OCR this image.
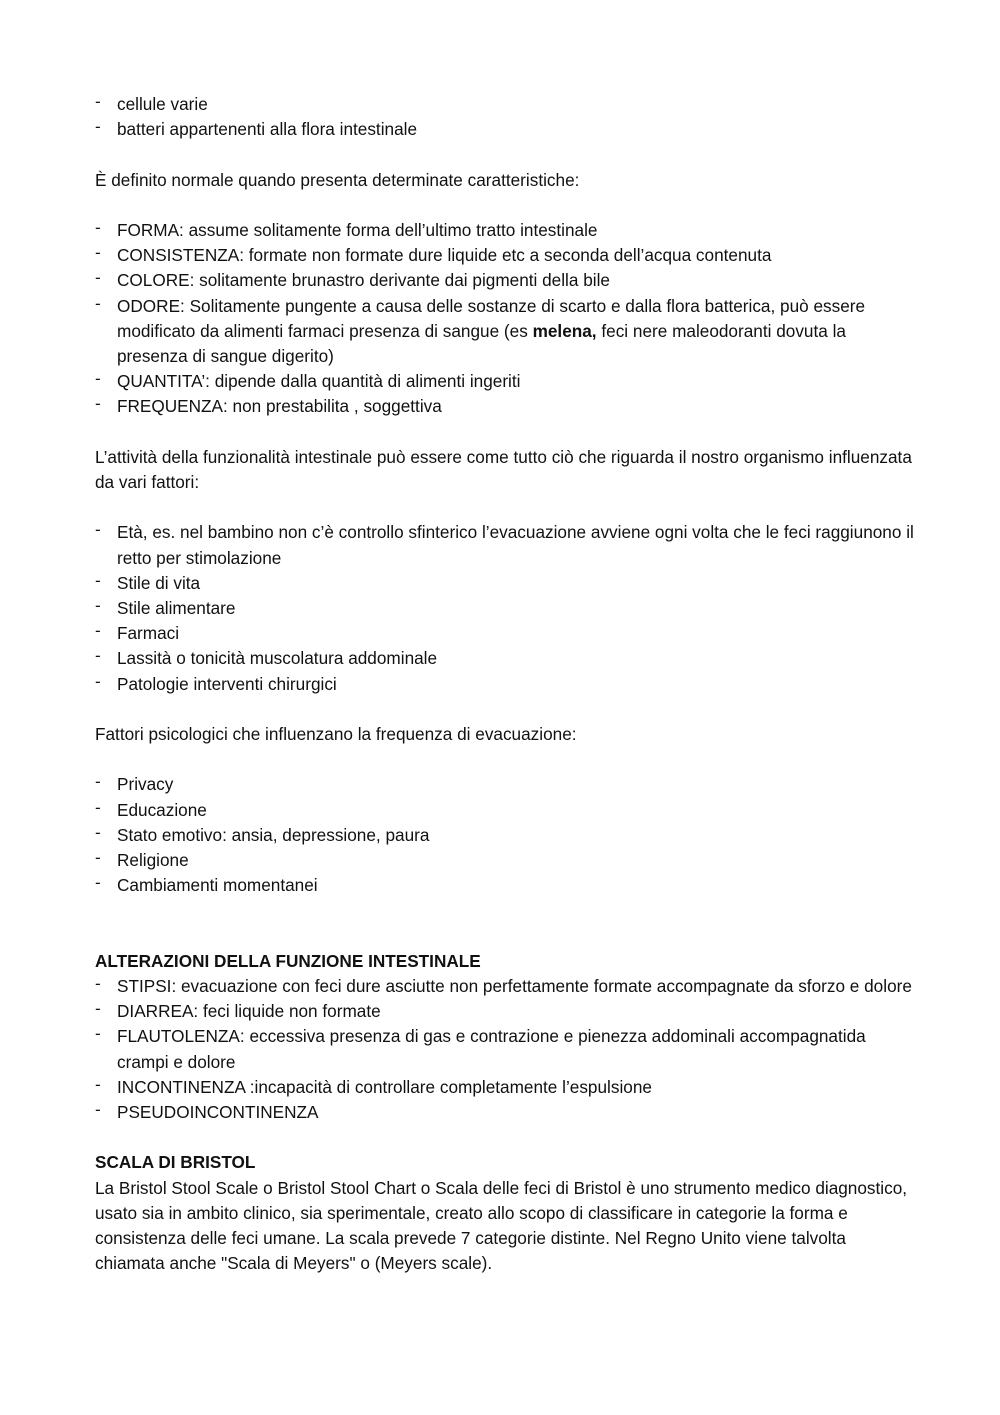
- cellule varie
- batteri appartenenti alla flora intestinale

È definito normale quando presenta determinate caratteristiche:

- FORMA: assume solitamente forma dell’ultimo tratto intestinale
- CONSISTENZA: formate non formate dure liquide etc a seconda dell’acqua contenuta
- COLORE: solitamente brunastro derivante dai pigmenti della bile
- ODORE: Solitamente pungente a causa delle sostanze di scarto e dalla flora batterica, può essere modificato da alimenti farmaci presenza di sangue (es melena, feci nere maleodoranti dovuta la presenza di sangue digerito)
- QUANTITA’: dipende dalla quantità di alimenti ingeriti
- FREQUENZA: non prestabilita , soggettiva

L’attività della funzionalità intestinale può essere come tutto ciò che riguarda il nostro organismo influenzata da vari fattori:

- Età, es. nel bambino non c’è controllo sfinterico l’evacuazione avviene ogni volta che le feci raggiunono il retto per stimolazione
- Stile di vita
- Stile alimentare
- Farmaci
- Lassità o tonicità muscolatura addominale
- Patologie interventi chirurgici

Fattori psicologici che influenzano la frequenza di evacuazione:

- Privacy
- Educazione
- Stato emotivo: ansia, depressione, paura
- Religione
- Cambiamenti momentanei

ALTERAZIONI DELLA FUNZIONE INTESTINALE

- STIPSI: evacuazione con feci dure asciutte non perfettamente formate accompagnate da sforzo e dolore
- DIARREA: feci liquide non formate
- FLAUTOLENZA: eccessiva presenza di gas e contrazione e pienezza addominali accompagnatida crampi e dolore
- INCONTINENZA :incapacità di controllare completamente l’espulsione
- PSEUDOINCONTINENZA

SCALA DI BRISTOL

La Bristol Stool Scale o Bristol Stool Chart o Scala delle feci di Bristol è uno strumento medico diagnostico, usato sia in ambito clinico, sia sperimentale, creato allo scopo di classificare in categorie la forma e consistenza delle feci umane. La scala prevede 7 categorie distinte. Nel Regno Unito viene talvolta chiamata anche "Scala di Meyers" o (Meyers scale).
